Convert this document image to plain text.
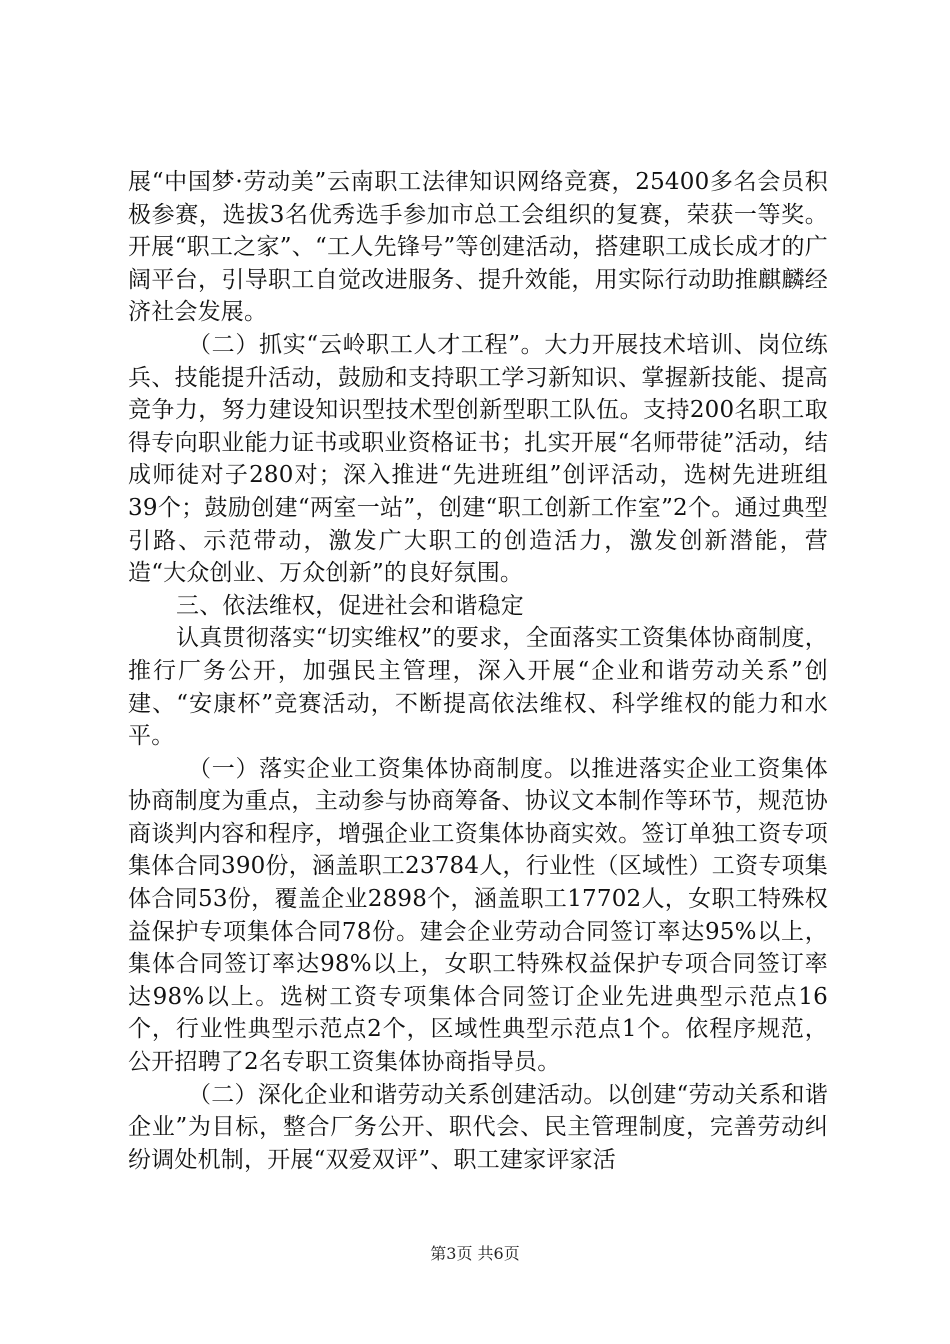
展“中国梦·劳动美”云南职工法律知识网络竞赛，25400多名会员积极参赛，选拔3名优秀选手参加市总工会组织的复赛，荣获一等奖。开展“职工之家”、“工人先锋号”等创建活动，搭建职工成长成才的广阔平台，引导职工自觉改进服务、提升效能，用实际行动助推麒麟经济社会发展。

（二）抓实“云岭职工人才工程”。大力开展技术培训、岗位练兵、技能提升活动，鼓励和支持职工学习新知识、掌握新技能、提高竞争力，努力建设知识型技术型创新型职工队伍。支持200名职工取得专向职业能力证书或职业资格证书；扎实开展“名师带徒”活动，结成师徒对子280对；深入推进“先进班组”创评活动，选树先进班组39个；鼓励创建“两室一站”，创建“职工创新工作室”2个。通过典型引路、示范带动，激发广大职工的创造活力，激发创新潜能，营造“大众创业、万众创新”的良好氛围。

三、依法维权，促进社会和谐稳定

认真贯彻落实“切实维权”的要求，全面落实工资集体协商制度，推行厂务公开，加强民主管理，深入开展“企业和谐劳动关系”创建、“安康杯”竞赛活动，不断提高依法维权、科学维权的能力和水平。

（一）落实企业工资集体协商制度。以推进落实企业工资集体协商制度为重点，主动参与协商筹备、协议文本制作等环节，规范协商谈判内容和程序，增强企业工资集体协商实效。签订单独工资专项集体合同390份，涵盖职工23784人，行业性（区域性）工资专项集体合同53份，覆盖企业2898个，涵盖职工17702人，女职工特殊权益保护专项集体合同78份。建会企业劳动合同签订率达95%以上，集体合同签订率达98%以上，女职工特殊权益保护专项合同签订率达98%以上。选树工资专项集体合同签订企业先进典型示范点16个，行业性典型示范点2个，区域性典型示范点1个。依程序规范，公开招聘了2名专职工资集体协商指导员。

（二）深化企业和谐劳动关系创建活动。以创建“劳动关系和谐企业”为目标，整合厂务公开、职代会、民主管理制度，完善劳动纠纷调处机制，开展“双爱双评”、职工建家评家活

第3页 共6页
